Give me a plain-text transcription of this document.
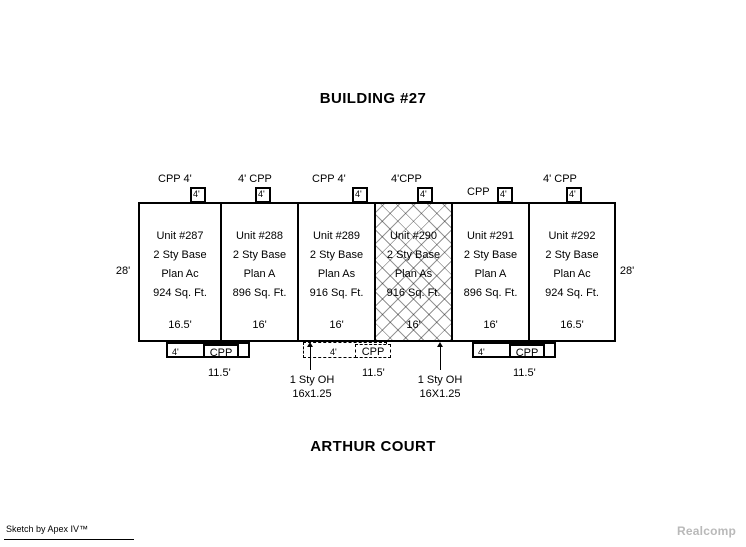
BUILDING #27
28'	28'
CPP 4'
4'
4' CPP
4'
CPP 4'
4'
4'CPP
4'	CPP 4'
4' CPP
4'
Unit #287
2 Sty Base
Plan Ac
924 Sq. Ft.
16.5'
Unit #288
2 Sty Base
Plan A
896 Sq. Ft.
16'
Unit #289
2 Sty Base
Plan As
916 Sq. Ft.
16'
Unit #290
2 Sty Base
Plan As
916 Sq. Ft.
16'
Unit #291
2 Sty Base
Plan A
896 Sq. Ft.
16'
Unit #292
2 Sty Base
Plan Ac
924 Sq. Ft.
16.5'
CPP
4'
11.5'
CPP
4'
11.5'
CPP
4'
11.5'
1 Sty OH
16x1.25
1 Sty OH
16X1.25
ARTHUR COURT
Sketch by Apex IV™	Realcomp
